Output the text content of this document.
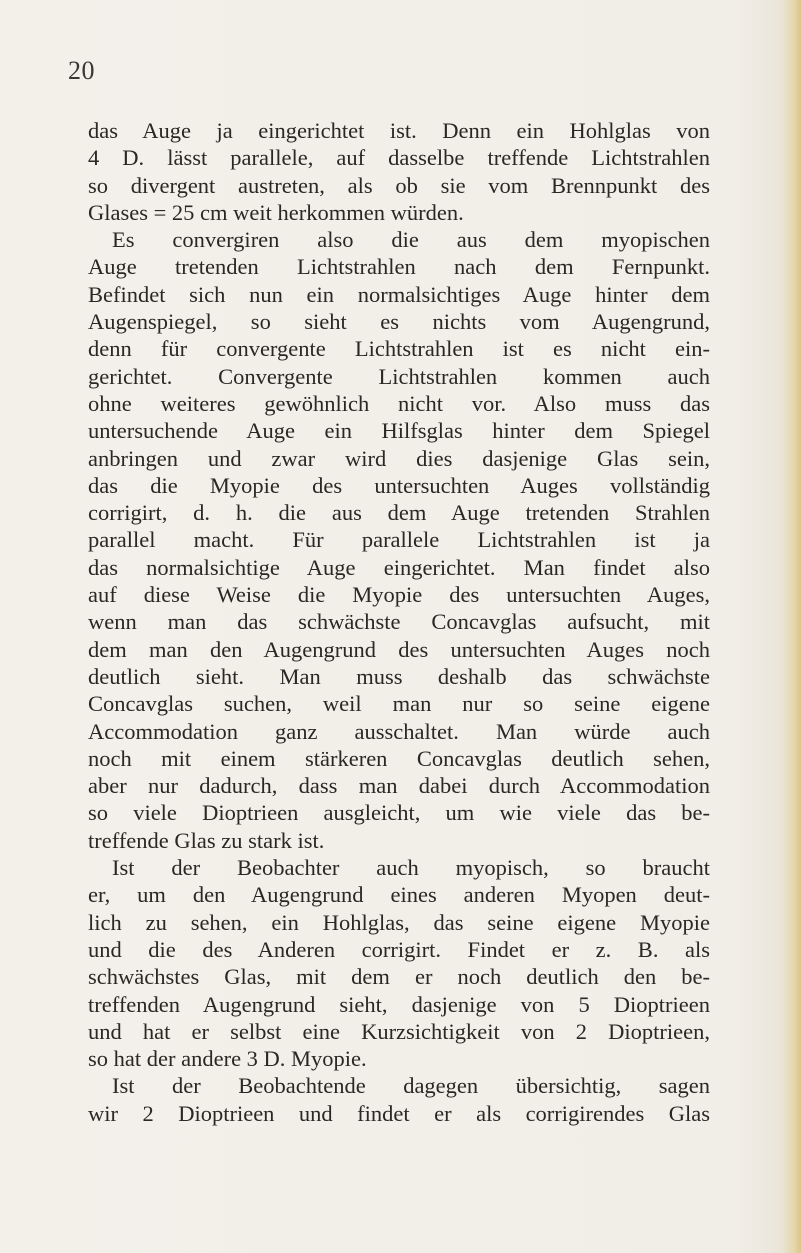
20
das Auge ja eingerichtet ist. Denn ein Hohlglas von
4 D. lässt parallele, auf dasselbe treffende Lichtstrahlen
so divergent austreten, als ob sie vom Brennpunkt des
Glases = 25 cm weit herkommen würden.
Es convergiren also die aus dem myopischen
Auge tretenden Lichtstrahlen nach dem Fernpunkt.
Befindet sich nun ein normalsichtiges Auge hinter dem
Augenspiegel, so sieht es nichts vom Augengrund,
denn für convergente Lichtstrahlen ist es nicht ein-
gerichtet. Convergente Lichtstrahlen kommen auch
ohne weiteres gewöhnlich nicht vor. Also muss das
untersuchende Auge ein Hilfsglas hinter dem Spiegel
anbringen und zwar wird dies dasjenige Glas sein,
das die Myopie des untersuchten Auges vollständig
corrigirt, d. h. die aus dem Auge tretenden Strahlen
parallel macht. Für parallele Lichtstrahlen ist ja
das normalsichtige Auge eingerichtet. Man findet also
auf diese Weise die Myopie des untersuchten Auges,
wenn man das schwächste Concavglas aufsucht, mit
dem man den Augengrund des untersuchten Auges noch
deutlich sieht. Man muss deshalb das schwächste
Concavglas suchen, weil man nur so seine eigene
Accommodation ganz ausschaltet. Man würde auch
noch mit einem stärkeren Concavglas deutlich sehen,
aber nur dadurch, dass man dabei durch Accommodation
so viele Dioptrieen ausgleicht, um wie viele das be-
treffende Glas zu stark ist.
Ist der Beobachter auch myopisch, so braucht
er, um den Augengrund eines anderen Myopen deut-
lich zu sehen, ein Hohlglas, das seine eigene Myopie
und die des Anderen corrigirt. Findet er z. B. als
schwächstes Glas, mit dem er noch deutlich den be-
treffenden Augengrund sieht, dasjenige von 5 Dioptrieen
und hat er selbst eine Kurzsichtigkeit von 2 Dioptrieen,
so hat der andere 3 D. Myopie.
Ist der Beobachtende dagegen übersichtig, sagen
wir 2 Dioptrieen und findet er als corrigirendes Glas
